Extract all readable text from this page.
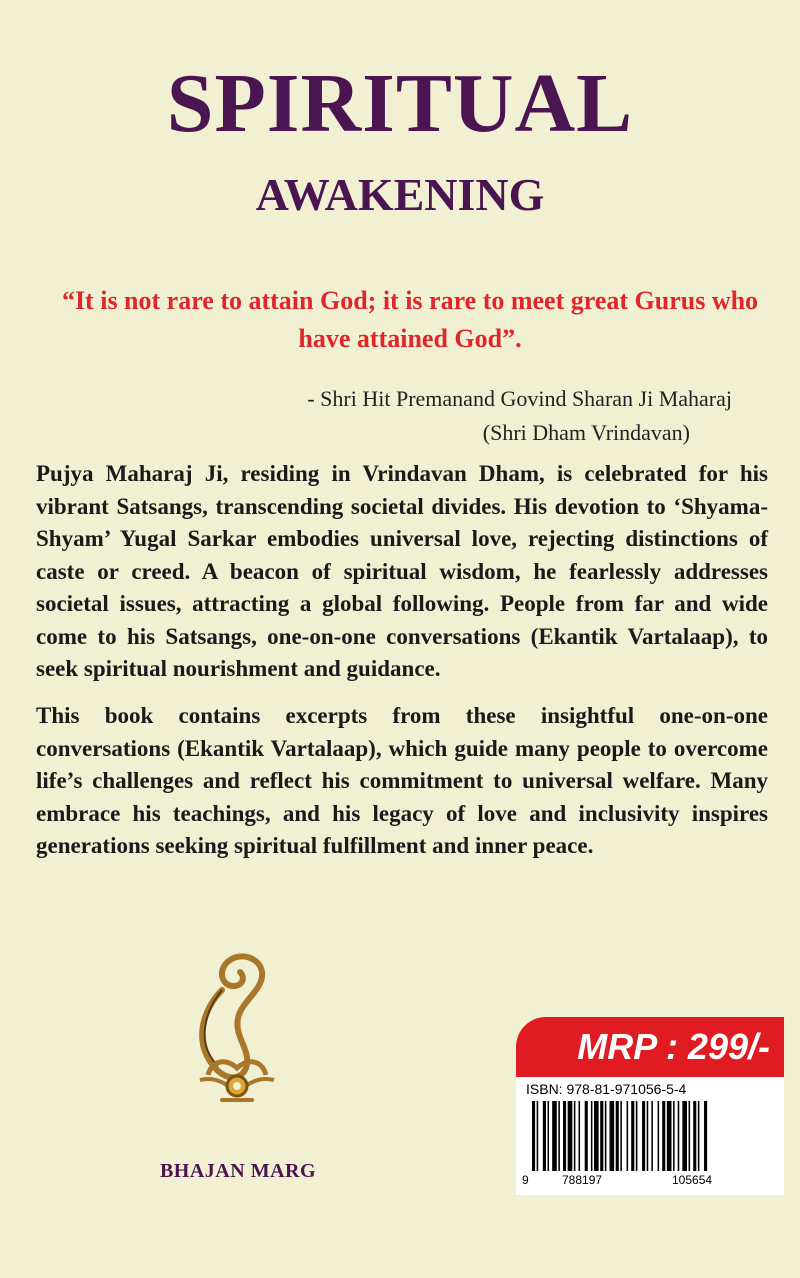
SPIRITUAL
AWAKENING
“It is not rare to attain God; it is rare to meet great Gurus who have attained God”.
- Shri Hit Premanand Govind Sharan Ji Maharaj
(Shri Dham Vrindavan)

Pujya Maharaj Ji, residing in Vrindavan Dham, is celebrated for his vibrant Satsangs, transcending societal divides. His devotion to ‘Shyama-Shyam’ Yugal Sarkar embodies universal love, rejecting distinctions of caste or creed. A beacon of spiritual wisdom, he fearlessly addresses societal issues, attracting a global following. People from far and wide come to his Satsangs, one-on-one conversations (Ekantik Vartalaap), to seek spiritual nourishment and guidance.

This book contains excerpts from these insightful one-on-one conversations (Ekantik Vartalaap), which guide many people to overcome life’s challenges and reflect his commitment to universal welfare. Many embrace his teachings, and his legacy of love and inclusivity inspires generations seeking spiritual fulfillment and inner peace.

BHAJAN MARG
MRP : 299/-
ISBN: 978-81-971056-5-4
9	788197	105654
